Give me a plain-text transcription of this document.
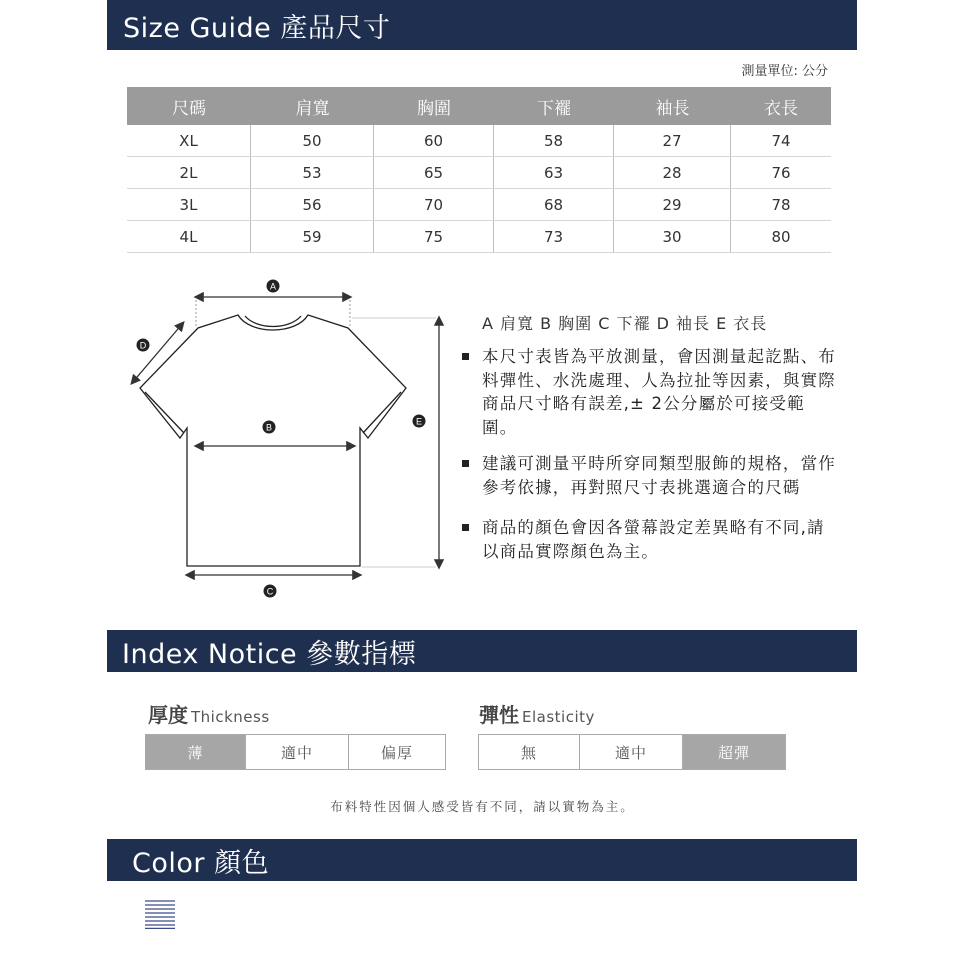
Size Guide 產品尺寸
測量單位: 公分
尺碼	肩寬	胸圍	下襬	袖長	衣長
XL	50	60	58	27	74
2L	53	65	63	28	76
3L	56	70	68	29	78
4L	59	75	73	30	80
A
B
C
D
E
A 肩寬 B 胸圍 C 下襬 D 袖長 E 衣長
本尺寸表皆為平放測量，會因測量起訖點、布料彈性、水洗處理、人為拉扯等因素，與實際商品尺寸略有誤差,± 2公分屬於可接受範圍。
建議可測量平時所穿同類型服飾的規格，當作參考依據，再對照尺寸表挑選適合的尺碼
商品的顏色會因各螢幕設定差異略有不同,請以商品實際顏色為主。
Index Notice 參數指標
厚度 Thickness
薄	適中	偏厚
彈性 Elasticity
無	適中	超彈
布料特性因個人感受皆有不同，請以實物為主。
Color 顏色
